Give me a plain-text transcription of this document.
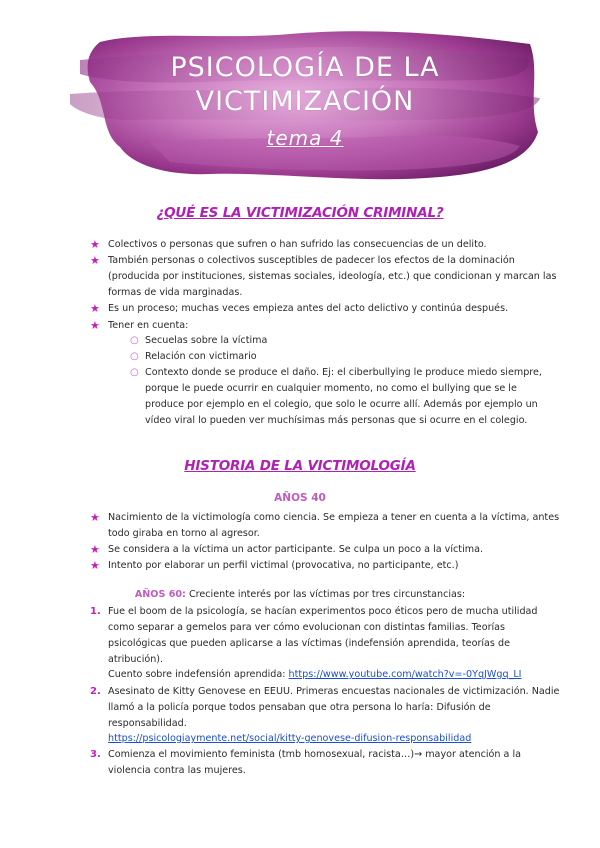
PSICOLOGÍA DE LA
VICTIMIZACIÓN
tema 4
¿QUÉ ES LA VICTIMIZACIÓN CRIMINAL?
★ Colectivos o personas que sufren o han sufrido las consecuencias de un delito.
★ También personas o colectivos susceptibles de padecer los efectos de la dominación
(producida por instituciones, sistemas sociales, ideología, etc.) que condicionan y marcan las
formas de vida marginadas.
★ Es un proceso; muchas veces empieza antes del acto delictivo y continúa después.
★ Tener en cuenta:
○ Secuelas sobre la víctima
○ Relación con victimario
○ Contexto donde se produce el daño. Ej: el ciberbullying le produce miedo siempre,
porque le puede ocurrir en cualquier momento, no como el bullying que se le
produce por ejemplo en el colegio, que solo le ocurre allí. Además por ejemplo un
vídeo viral lo pueden ver muchísimas más personas que si ocurre en el colegio.
HISTORIA DE LA VICTIMOLOGÍA
AÑOS 40
★ Nacimiento de la victimología como ciencia. Se empieza a tener en cuenta a la víctima, antes
todo giraba en torno al agresor.
★ Se considera a la víctima un actor participante. Se culpa un poco a la víctima.
★ Intento por elaborar un perfil victimal (provocativa, no participante, etc.)
AÑOS 60: Creciente interés por las víctimas por tres circunstancias:
1. Fue el boom de la psicología, se hacían experimentos poco éticos pero de mucha utilidad
como separar a gemelos para ver cómo evolucionan con distintas familias. Teorías
psicológicas que pueden aplicarse a las víctimas (indefensión aprendida, teorías de
atribución).
Cuento sobre indefensión aprendida: https://www.youtube.com/watch?v=-0YqJWgq_LI
2. Asesinato de Kitty Genovese en EEUU. Primeras encuestas nacionales de victimización. Nadie
llamó a la policía porque todos pensaban que otra persona lo haría: Difusión de
responsabilidad.
https://psicologiaymente.net/social/kitty-genovese-difusion-responsabilidad
3. Comienza el movimiento feminista (tmb homosexual, racista…)→ mayor atención a la
violencia contra las mujeres.
